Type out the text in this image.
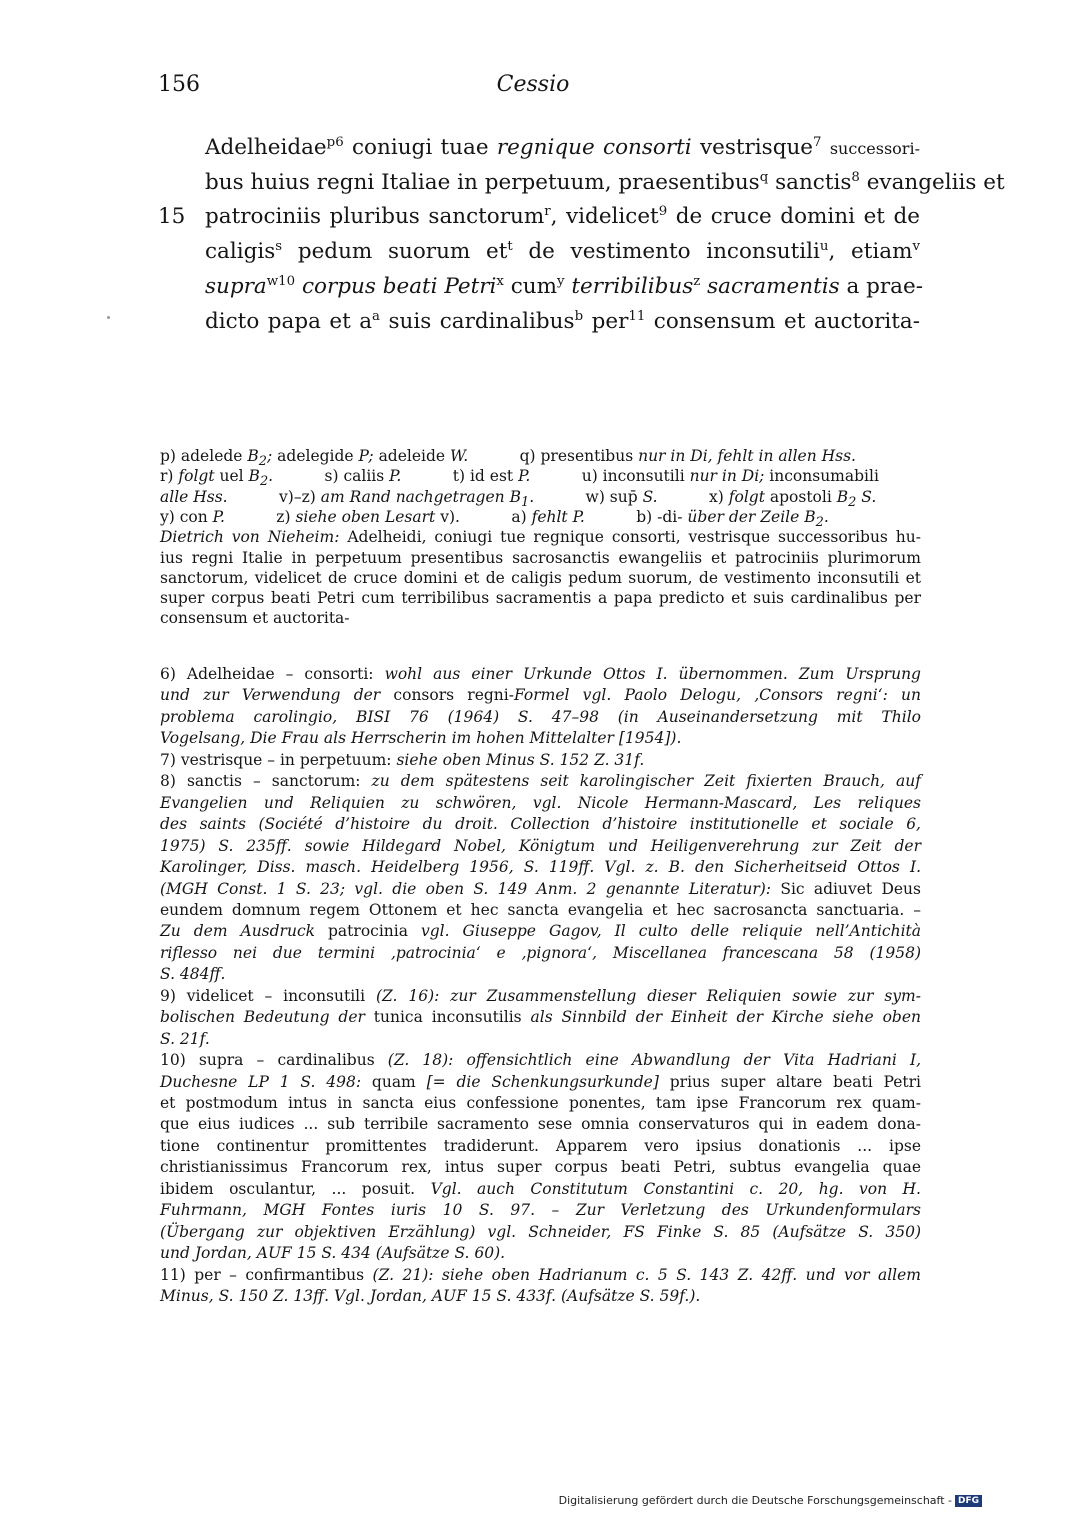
156	Cessio
15
Adelheidae$^{p6}$ coniugi tuae regnique consorti vestrisque$^7$ successori-
bus huius regni Italiae in perpetuum, praesentibus$^q$ sanctis$^8$ evangeliis et
patrociniis pluribus sanctorum$^r$, videlicet$^9$ de cruce domini et de
caligis$^s$ pedum suorum $et^t$ de vestimento inconsutili$^u$, etiam$^v$
supra$^{w10}$ corpus beati Petri$^x$ cum$^y$ terribilibus$^z$ sacramentis a prae-
dicto papa et $a^a$ suis cardinalibus$^b$ per$^{11}$ consensum et auctorita-
p) adelede $B_2$; adelegide P; adeleide W.    q) presentibus nur in Di, fehlt in allen Hss.
r) folgt uel $B_2$.    s) caliis P.    t) id est P.    u) inconsutili nur in Di; inconsumabili
alle Hss.    v)–z) am Rand nachgetragen $B_1$.    w) sup̄ S.    x) folgt apostoli $B_2$ S.
y) con P.    z) siehe oben Lesart v).    a) fehlt P.    b) -di- über der Zeile $B_2$.
Dietrich von Nieheim: Adelheidi, coniugi tue regnique consorti, vestrisque successoribus hu-
ius regni Italie in perpetuum presentibus sacrosanctis ewangeliis et patrociniis plurimorum
sanctorum, videlicet de cruce domini et de caligis pedum suorum, de vestimento inconsutili et
super corpus beati Petri cum terribilibus sacramentis a papa predicto et suis cardinalibus per
consensum et auctorita-
6) Adelheidae – consorti: wohl aus einer Urkunde Ottos I. übernommen. Zum Ursprung
und zur Verwendung der consors regni-Formel vgl. Paolo Delogu, ‚Consors regni‘: un
problema carolingio, BISI 76 (1964) S. 47–98 (in Auseinandersetzung mit Thilo
Vogelsang, Die Frau als Herrscherin im hohen Mittelalter [1954]).
7) vestrisque – in perpetuum: siehe oben Minus S. 152 Z. 31f.
8) sanctis – sanctorum: zu dem spätestens seit karolingischer Zeit fixierten Brauch, auf
Evangelien und Reliquien zu schwören, vgl. Nicole Hermann-Mascard, Les reliques
des saints (Société d’histoire du droit. Collection d’histoire institutionelle et sociale 6,
1975) S. 235ff. sowie Hildegard Nobel, Königtum und Heiligenverehrung zur Zeit der
Karolinger, Diss. masch. Heidelberg 1956, S. 119ff. Vgl. z. B. den Sicherheitseid Ottos I.
(MGH Const. 1 S. 23; vgl. die oben S. 149 Anm. 2 genannte Literatur): Sic adiuvet Deus
eundem domnum regem Ottonem et hec sancta evangelia et hec sacrosancta sanctuaria. –
Zu dem Ausdruck patrocinia vgl. Giuseppe Gagov, Il culto delle reliquie nell’Antichità
riflesso nei due termini ‚patrocinia‘ e ‚pignora‘, Miscellanea francescana 58 (1958)
S. 484ff.
9) videlicet – inconsutili (Z. 16): zur Zusammenstellung dieser Reliquien sowie zur sym-
bolischen Bedeutung der tunica inconsutilis als Sinnbild der Einheit der Kirche siehe oben
S. 21f.
10) supra – cardinalibus (Z. 18): offensichtlich eine Abwandlung der Vita Hadriani I,
Duchesne LP 1 S. 498: quam [= die Schenkungsurkunde] prius super altare beati Petri
et postmodum intus in sancta eius confessione ponentes, tam ipse Francorum rex quam-
que eius iudices ... sub terribile sacramento sese omnia conservaturos qui in eadem dona-
tione continentur promittentes tradiderunt. Apparem vero ipsius donationis ... ipse
christianissimus Francorum rex, intus super corpus beati Petri, subtus evangelia quae
ibidem osculantur, ... posuit. Vgl. auch Constitutum Constantini c. 20, hg. von H.
Fuhrmann, MGH Fontes iuris 10 S. 97. – Zur Verletzung des Urkundenformulars
(Übergang zur objektiven Erzählung) vgl. Schneider, FS Finke S. 85 (Aufsätze S. 350)
und Jordan, AUF 15 S. 434 (Aufsätze S. 60).
11) per – confirmantibus (Z. 21): siehe oben Hadrianum c. 5 S. 143 Z. 42ff. und vor allem
Minus, S. 150 Z. 13ff. Vgl. Jordan, AUF 15 S. 433f. (Aufsätze S. 59f.).
Digitalisierung gefördert durch die Deutsche Forschungsgemeinschaft - DFG
